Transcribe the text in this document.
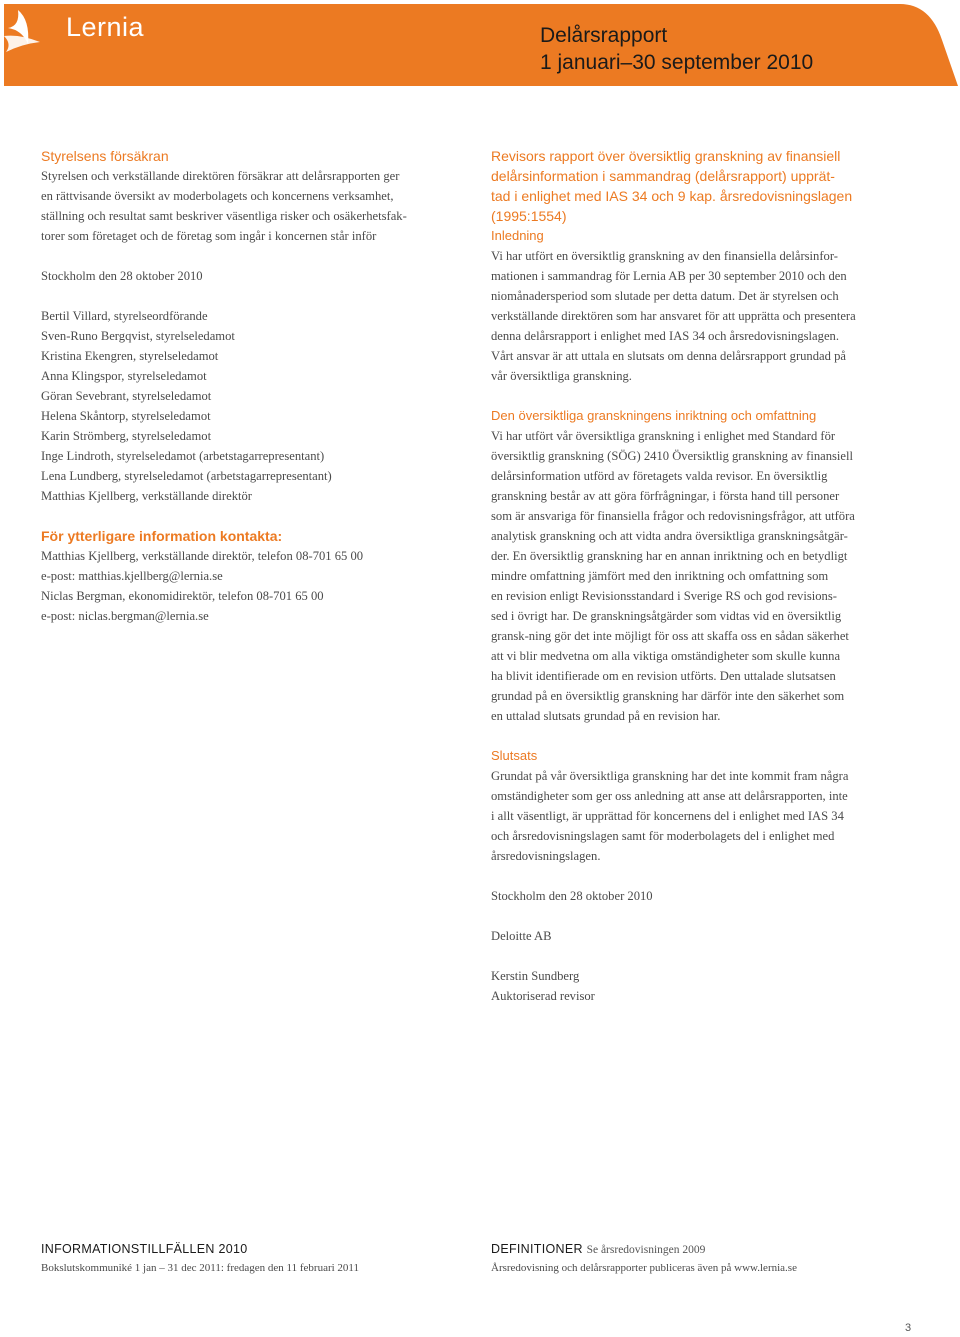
Lernia	Delårsrapport
1 januari–30 september 2010
Styrelsens försäkran
Styrelsen och verkställande direktören försäkrar att delårsrapporten ger
en rättvisande översikt av moderbolagets och koncernens verksamhet,
ställning och resultat samt beskriver väsentliga risker och osäkerhetsfak-
torer som företaget och de företag som ingår i koncernen står inför
Stockholm den 28 oktober 2010
Bertil Villard, styrelseordförande
Sven-Runo Bergqvist, styrelseledamot
Kristina Ekengren, styrelseledamot
Anna Klingspor, styrelseledamot
Göran Sevebrant, styrelseledamot
Helena Skåntorp, styrelseledamot
Karin Strömberg, styrelseledamot
Inge Lindroth, styrelseledamot (arbetstagarrepresentant)
Lena Lundberg, styrelseledamot (arbetstagarrepresentant)
Matthias Kjellberg, verkställande direktör
För ytterligare information kontakta:
Matthias Kjellberg, verkställande direktör, telefon 08-701 65 00
e-post: matthias.kjellberg@lernia.se
Niclas Bergman, ekonomidirektör, telefon 08-701 65 00
e-post: niclas.bergman@lernia.se
Revisors rapport över översiktlig granskning av finansiell
delårsinformation i sammandrag (delårsrapport) upprät-
tad i enlighet med IAS 34 och 9 kap. årsredovisningslagen
(1995:1554)
Inledning
Vi har utfört en översiktlig granskning av den finansiella delårsinfor-
mationen i sammandrag för Lernia AB per 30 september 2010 och den
niomånadersperiod som slutade per detta datum. Det är styrelsen och
verkställande direktören som har ansvaret för att upprätta och presentera
denna delårsrapport i enlighet med IAS 34 och årsredovisningslagen.
Vårt ansvar är att uttala en slutsats om denna delårsrapport grundad på
vår översiktliga granskning.
Den översiktliga granskningens inriktning och omfattning
Vi har utfört vår översiktliga granskning i enlighet med Standard för
översiktlig granskning (SÖG) 2410 Översiktlig granskning av finansiell
delårsinformation utförd av företagets valda revisor. En översiktlig
granskning består av att göra förfrågningar, i första hand till personer
som är ansvariga för finansiella frågor och redovisningsfrågor, att utföra
analytisk granskning och att vidta andra översiktliga granskningsåtgär-
der. En översiktlig granskning har en annan inriktning och en betydligt
mindre omfattning jämfört med den inriktning och omfattning som
en revision enligt Revisionsstandard i Sverige RS och god revisions-
sed i övrigt har. De granskningsåtgärder som vidtas vid en översiktlig
gransk-ning gör det inte möjligt för oss att skaffa oss en sådan säkerhet
att vi blir medvetna om alla viktiga omständigheter som skulle kunna
ha blivit identifierade om en revision utförts. Den uttalade slutsatsen
grundad på en översiktlig granskning har därför inte den säkerhet som
en uttalad slutsats grundad på en revision har.
Slutsats
Grundat på vår översiktliga granskning har det inte kommit fram några
omständigheter som ger oss anledning att anse att delårsrapporten, inte
i allt väsentligt, är upprättad för koncernens del i enlighet med IAS 34
och årsredovisningslagen samt för moderbolagets del i enlighet med
årsredovisningslagen.
Stockholm den 28 oktober 2010
Deloitte AB
Kerstin Sundberg
Auktoriserad revisor
INFORMATIONSTILLFÄLLEN 2010
Bokslutskommuniké 1 jan – 31 dec 2011: fredagen den 11 februari 2011
DEFINITIONER Se årsredovisningen 2009
Årsredovisning och delårsrapporter publiceras även på www.lernia.se
3
